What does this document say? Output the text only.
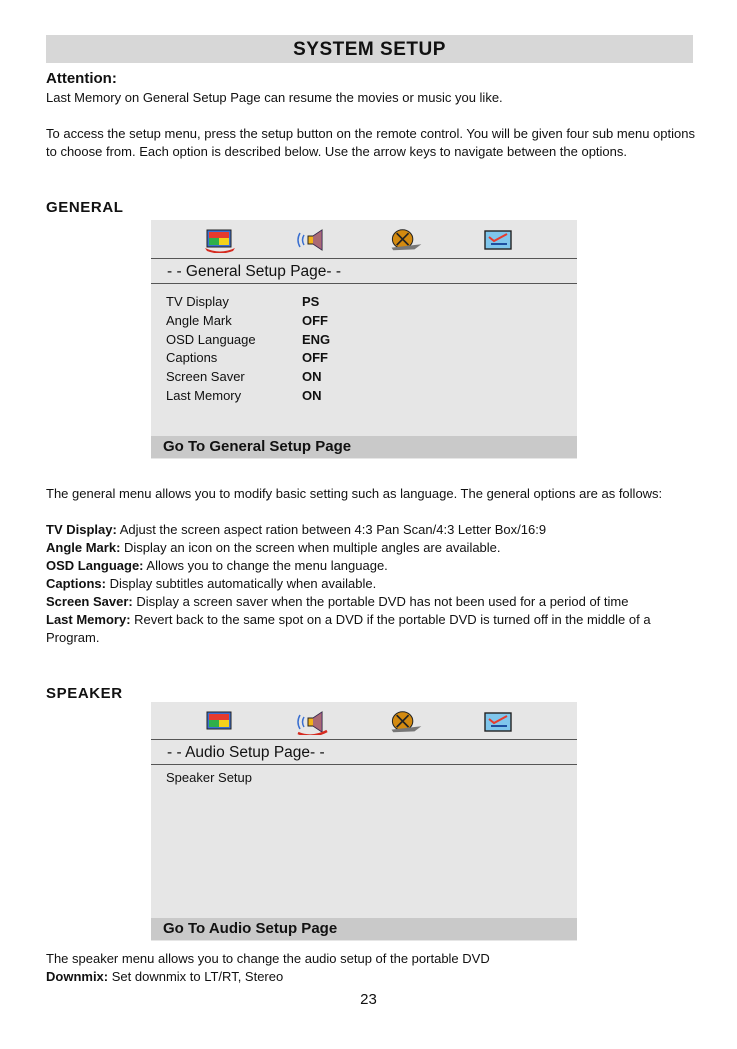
SYSTEM SETUP
Attention:
Last Memory on General Setup Page can resume the movies or music you like.
To access the setup menu, press the setup button on the remote control. You will be given four sub menu options to choose from. Each option is described below. Use the arrow keys to navigate between the options.
GENERAL
- - General Setup Page- -
TV Display	PS
Angle Mark	OFF
OSD Language	ENG
Captions	OFF
Screen Saver	ON
Last Memory	ON
Go To General Setup Page
The general menu allows you to modify basic setting such as language. The general options are as follows:
TV Display: Adjust the screen aspect ration between 4:3 Pan Scan/4:3 Letter Box/16:9
Angle Mark: Display an icon on the screen when multiple angles are available.
OSD Language: Allows you to change the menu language.
Captions: Display subtitles automatically when available.
Screen Saver: Display a screen saver when the portable DVD has not been used for a period of time
Last Memory: Revert back to the same spot on a DVD if the portable DVD is turned off in the middle of a Program.
SPEAKER
- - Audio Setup Page- -
Speaker Setup
Go To Audio Setup Page
The speaker menu allows you to change the audio setup of the portable DVD
Downmix: Set downmix to LT/RT, Stereo
23
